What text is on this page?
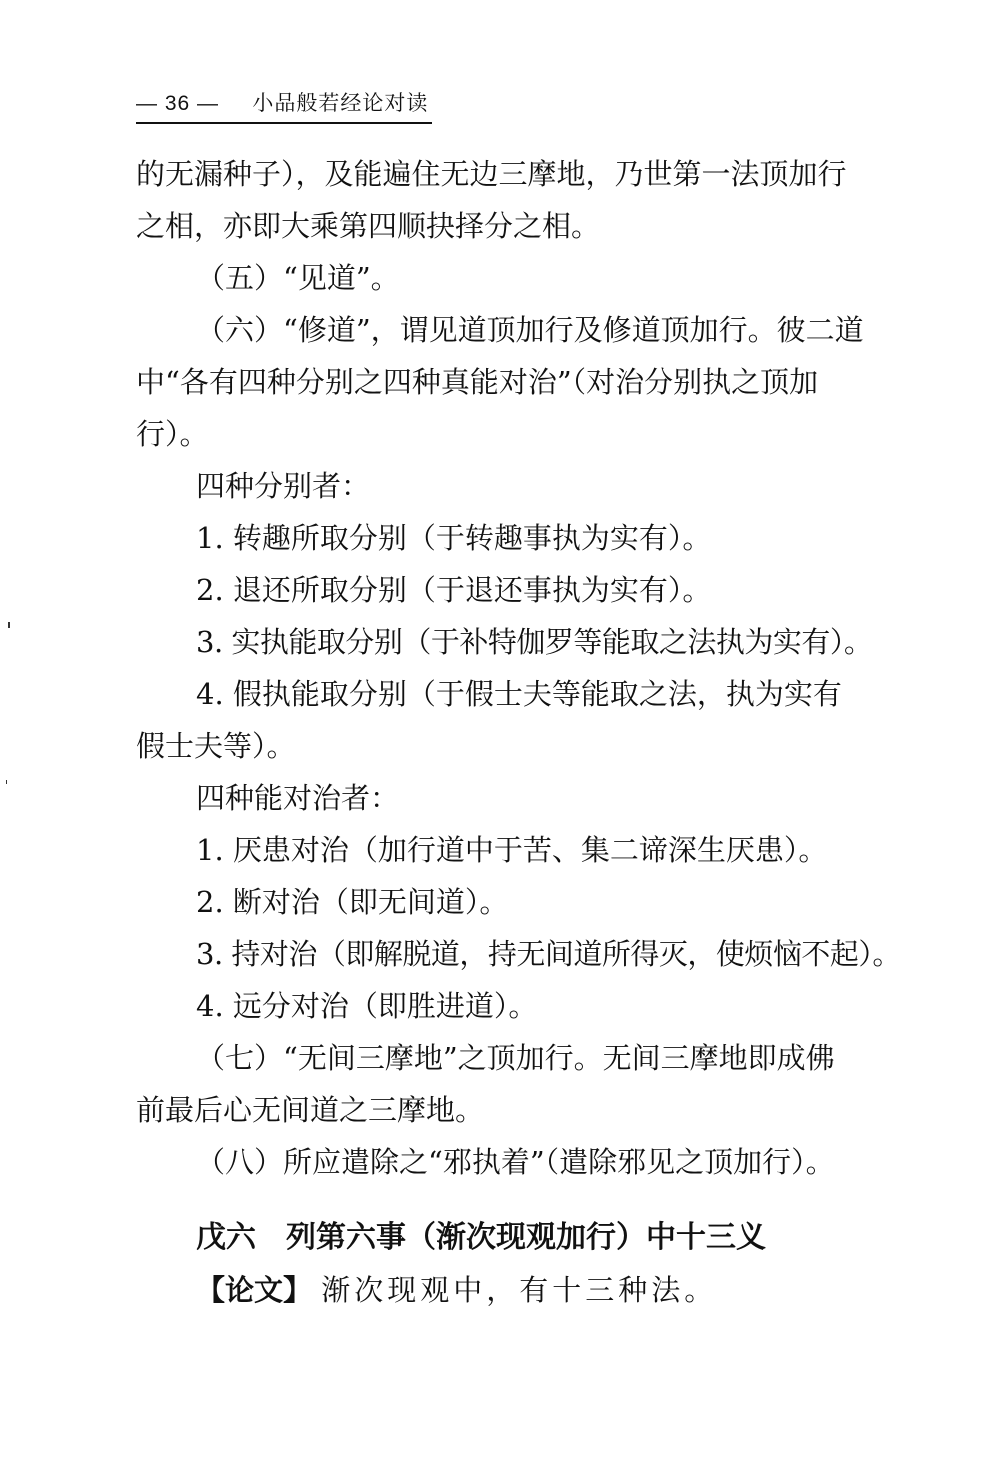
— 36 — 小品般若经论对读

的无漏种子），及能遍住无边三摩地，乃世第一法顶加行

之相，亦即大乘第四顺抉择分之相。

（五）“见道”。

（六）“修道”，谓见道顶加行及修道顶加行。彼二道

中“各有四种分别之四种真能对治”（对治分别执之顶加

行）。

四种分别者：

1. 转趣所取分别（于转趣事执为实有）。

2. 退还所取分别（于退还事执为实有）。

3. 实执能取分别（于补特伽罗等能取之法执为实有）。

4. 假执能取分别（于假士夫等能取之法，执为实有

假士夫等）。

四种能对治者：

1. 厌患对治（加行道中于苦、集二谛深生厌患）。

2. 断对治（即无间道）。

3. 持对治（即解脱道，持无间道所得灭，使烦恼不起）。

4. 远分对治（即胜进道）。

（七）“无间三摩地”之顶加行。无间三摩地即成佛

前最后心无间道之三摩地。

（八）所应遣除之“邪执着”（遣除邪见之顶加行）。

戊六 列第六事（渐次现观加行）中十三义
【论文】 渐次现观中，有十三种法。
